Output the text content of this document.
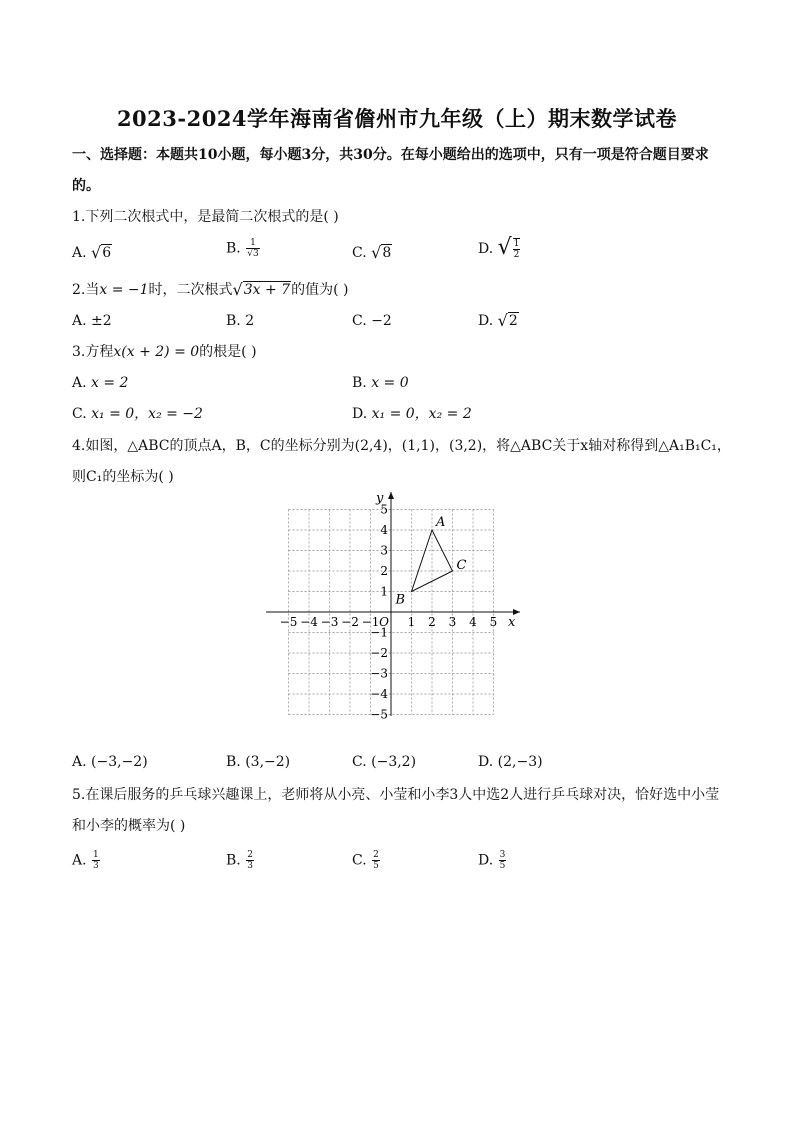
2023-2024学年海南省儋州市九年级（上）期末数学试卷
一、选择题：本题共10小题，每小题3分，共30分。在每小题给出的选项中，只有一项是符合题目要求
的。
1.下列二次根式中，是最简二次根式的是( )
A. √6	B. $\frac{1}{√3}$	C. √8	D. √ $\frac{1}{2}$
2.当x = −1时，二次根式√3x + 7的值为( )
A. ±2	B. 2	C. −2	D. √2
3.方程x(x + 2) = 0的根是( )
A. x = 2	B. x = 0
C. x₁ = 0，x₂ = −2	D. x₁ = 0，x₂ = 2
4.如图，△ABC的顶点A，B，C的坐标分别为(2,4)，(1,1)，(3,2)，将△ABC关于x轴对称得到△A₁B₁C₁，
则C₁的坐标为( )
x
y
O
−5 −4 −3 −2 −1 1 2 3 4 5
5
4
3
2
1
−1
−2
−3
−4
−5
A
B
C
A. (−3,−2)	B. (3,−2)	C. (−3,2)	D. (2,−3)
5.在课后服务的乒乓球兴趣课上，老师将从小亮、小莹和小李3人中选2人进行乒乓球对决，恰好选中小莹
和小李的概率为( )
A. $\frac{1}{3}$	B. $\frac{2}{3}$	C. $\frac{2}{5}$	D. $\frac{3}{5}$
